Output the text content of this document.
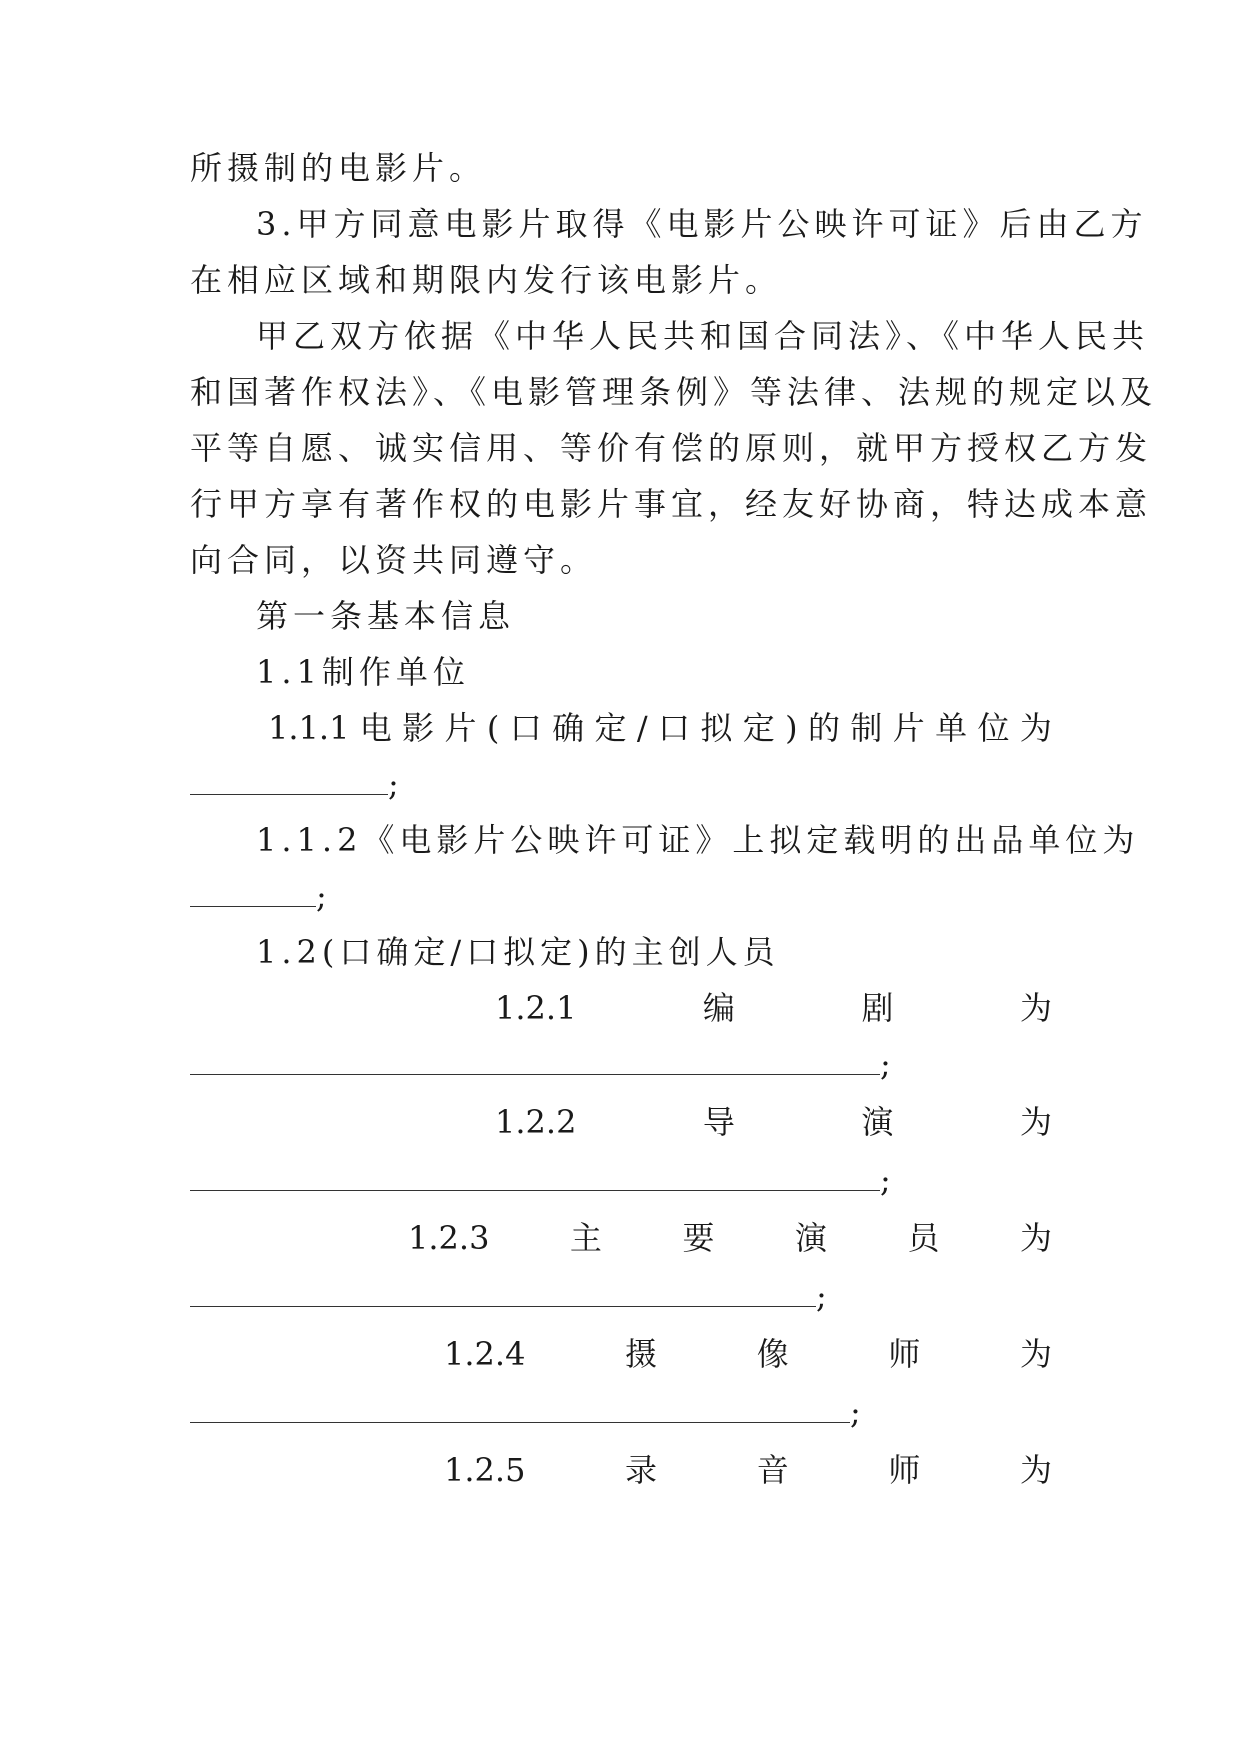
所摄制的电影片。
3.甲方同意电影片取得《电影片公映许可证》后由乙方
在相应区域和期限内发行该电影片。
甲乙双方依据《中华人民共和国合同法》、《中华人民共
和国著作权法》、《电影管理条例》等法律、法规的规定以及
平等自愿、诚实信用、等价有偿的原则，就甲方授权乙方发
行甲方享有著作权的电影片事宜，经友好协商，特达成本意
向合同，以资共同遵守。
第一条基本信息
1.1制作单位
1.1.1 电 影 片 ( 口 确 定 / 口 拟 定 ) 的 制 片 单 位 为
;
1.1.2《电影片公映许可证》上拟定载明的出品单位为
;
1.2(口确定/口拟定)的主创人员
1.2.1	编	剧	为
;
1.2.2	导	演	为
;
1.2.3	主	要	演	员	为
;
1.2.4	摄	像	师	为
;
1.2.5	录	音	师	为
